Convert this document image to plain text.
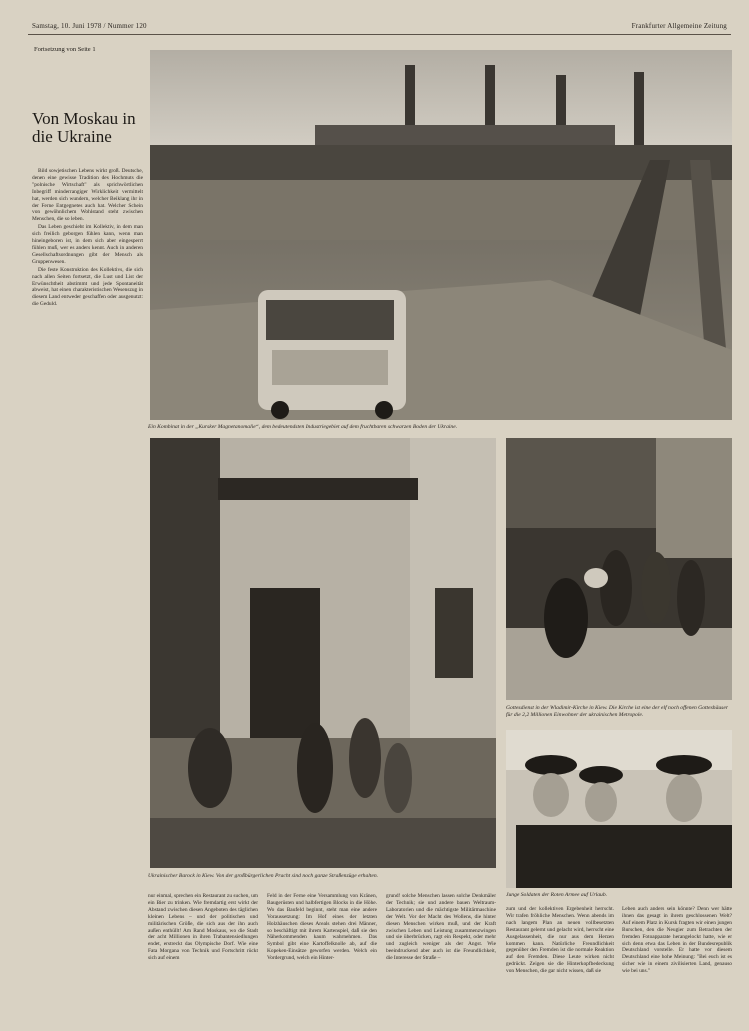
Samstag, 10. Juni 1978 / Nummer 120	Frankfurter Allgemeine Zeitung
Fortsetzung von Seite 1
Von Moskau in die Ukraine

Bild sowjetischen Lebens wirkt groß. Deutsche, denen eine gewisse Tradition des Hochmuts die "polnische Wirtschaft" als sprichwörtlichen Inbegriff minderrangiger Wirklichkeit vermittelt hat, werden sich wundern, welcher Beiklang ihr in der Ferne Entgegnetes auch hat. Welcher Schein von gewöhnlichem Wohlstand steht zwischen Menschen, die so leben.

Das Leben geschieht im Kollektiv, in dem man sich freilich geborgen fühlen kann, wenn man hineingeboren ist, in dem sich aber eingesperrt fühlen muß, wer es anders kennt. Auch in anderen Gesellschaftsordnungen gibt der Mensch als Gruppenwesen.

Die feste Konstruktion des Kollektivs, die sich nach allen Seiten fortsetzt, die Lust und List der Erwünschtheit abstimmt und jede Spontaneität abweist, hat einen charakteristischen Wesenszug in diesem Land entweder geschaffen oder ausgenutzt: die Geduld.

Ein Kombinat in der „Kursker Magnetanomalie“, dem bedeutendsten Industriegebiet auf dem fruchtbaren schwarzen Boden der Ukraine.
Ukrainischer Barock in Kiew. Von der großbürgerlichen Pracht sind noch ganze Straßenzüge erhalten.
Gottesdienst in der Wladimir-Kirche in Kiew. Die Kirche ist eine der elf noch offenen Gotteshäuser für die 2,2 Millionen Einwohner der ukrainischen Metropole.
Junge Soldaten der Roten Armee auf Urlaub.
nur einmal, sprechen ein Restaurant zu suchen, um ein Bier zu trinken. Wie fremdartig erst wirkt der Abstand zwischen diesen Angeboten des täglichen kleinen Lebens – und der politischen und militärischen Größe, die sich aus der ihn auch außen enthüllt! Am Rand Moskaus, wo die Stadt der acht Millionen in ihren Trabantensiedlungen endet, erstreckt das Olympische Dorf. Wie eine Fata Morgana von Technik und Fortschritt rückt sich auf einem
Feld in der Ferne eine Versammlung von Kränen, Baugerüsten und halbfertigen Blocks in die Höhe. Wo das Baufeld beginnt, steht man eine andere Voraussetzung: Im Hof eines der letzten Holzhäuschen dieses Areals stehen drei Männer, so beschäftigt mit ihrem Kartenspiel, daß sie den Näherkommenden kaum wahrnehmen. Das Symbol gibt eine Kartoffelknolle ab, auf die Kopeken-Einsätze geworfen werden. Welch ein Vordergrund, welch ein Hinter-
grund! solche Menschen lassen solche Denkmäler der Technik; sie und andere bauen Weltraum-Laboratorien und die mächtigste Militärmaschine der Welt. Vor der Macht des Wollens, die hinter diesen Menschen wirken muß, und der Kraft zwischen Leben und Leistung zusammenzwingen und sie überbrücken, ragt ein Respekt, oder mehr und zugleich weniger als der Angst. Wie beeindruckend aber auch ist die Freundlichkeit, die Interesse der Straße –
zum und der kollektiven Ergebenheit herrscht. Wir trafen fröhliche Menschen. Wenn abends im nach langem Plan an neuen vollbesetzten Restaurant gelernt und gelacht wird, herrscht eine Ausgelassenheit, die nur aus dem Herzen kommen kann. Natürliche Freundlichkeit gegenüber den Fremden ist die normale Reaktion auf den Fremden. Diese Leute wirken nicht gedrückt. Zeigen sie die Hinterkopfbedeckung von Menschen, die gar nicht wissen, daß sie
Leben auch anders sein könnte? Denn wer hätte ihnen das gesagt in ihrem geschlossenen Welt? Auf einem Platz in Kursk fragten wir einen jungen Burschen, den die Neugier zum Betrachten der fremden Fotoapparate herangelockt hatte, wie er sich denn etwa das Leben in der Bundesrepublik Deutschland vorstelle. Er hatte vor diesem Deutschland eine hohe Meinung: "Bei euch ist es sicher wie in einem zivilisierten Land, genauso wie bei uns."
